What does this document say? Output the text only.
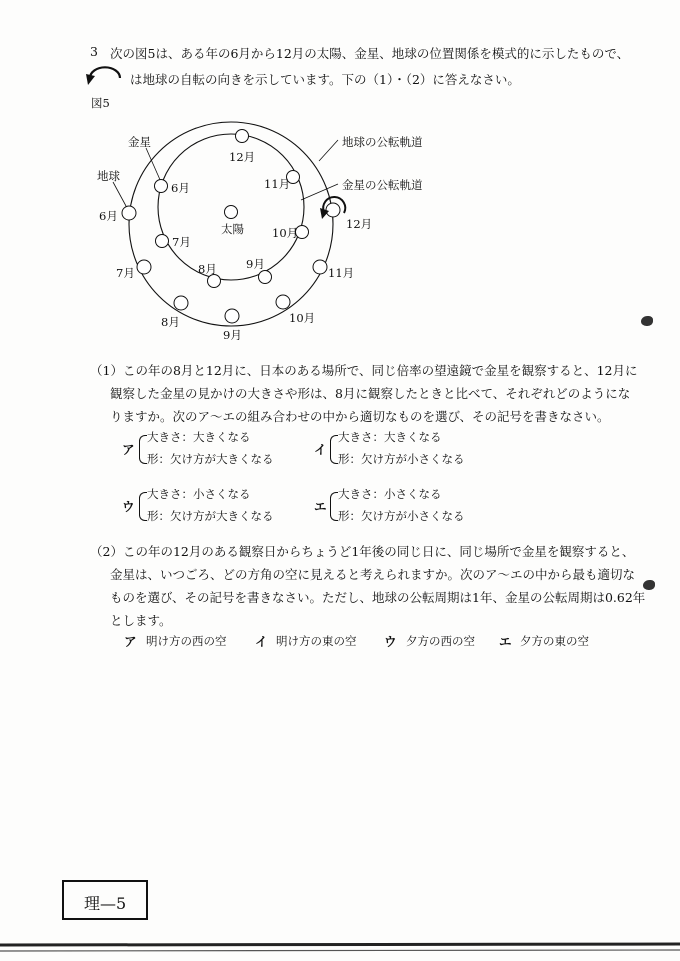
3 次の図5は、ある年の6月から12月の太陽、金星、地球の位置関係を模式的に示したもので、
は地球の自転の向きを示しています。下の（1）・（2）に答えなさい。
図5
金星
地球
太陽
地球の公転軌道
金星の公転軌道
6月
7月
8月	9月
10月
11月
12月
6月
7月
8月
9月
10月
11月
12月
（1）この年の8月と12月に、日本のある場所で、同じ倍率の望遠鏡で金星を観察すると、12月に
観察した金星の見かけの大きさや形は、8月に観察したときと比べて、それぞれどのようにな
りますか。次のア～エの組み合わせの中から適切なものを選び、その記号を書きなさい。
ア
大きさ：大きくなる
形：欠け方が大きくなる
イ
大きさ：大きくなる
形：欠け方が小さくなる
ウ
大きさ：小さくなる
形：欠け方が大きくなる
エ
大きさ：小さくなる
形：欠け方が小さくなる
（2）この年の12月のある観察日からちょうど1年後の同じ日に、同じ場所で金星を観察すると、
金星は、いつごろ、どの方角の空に見えると考えられますか。次のア～エの中から最も適切な
ものを選び、その記号を書きなさい。ただし、地球の公転周期は1年、金星の公転周期は0.62年
とします。
ア 明け方の西の空 イ 明け方の東の空 ウ 夕方の西の空 エ 夕方の東の空
理—5
